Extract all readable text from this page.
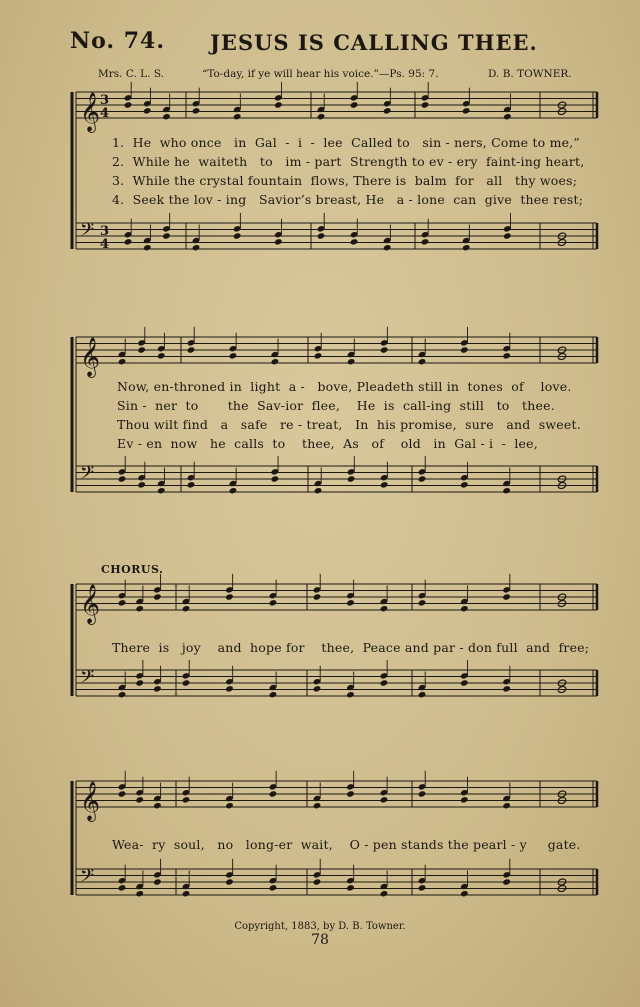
No. 74. JESUS IS CALLING THEE.
Mrs. C. L. S.	“To-day, if ye will hear his voice.”—Ps. 95: 7.	D. B. TOWNER.
𝄞 3
4
𝄢 3
4
𝄞
𝄢
𝄞
𝄢
𝄞
𝄢
1.  He  who once   in  Gal  -  i  -  lee  Called to   sin - ners, Come to me,”
2.  While he  waiteth   to   im - part  Strength to ev - ery  faint-ing heart,
3.  While the crystal fountain  flows, There is  balm  for   all   thy woes;
4.  Seek the lov - ing   Savior’s breast, He   a - lone  can  give  thee rest;
Now, en-throned in  light  a -   bove, Pleadeth still in  tones  of    love.
Sin -  ner  to       the  Sav-ior  flee,    He  is  call-ing  still   to   thee.
Thou wilt find   a   safe   re - treat,   In  his promise,  sure   and  sweet.
Ev - en  now   he  calls  to    thee,  As   of    old   in  Gal - i  -  lee,
CHORUS.
There  is   joy    and  hope for    thee,  Peace and par - don full  and  free;
Wea-  ry  soul,   no   long-er  wait,    O - pen stands the pearl - y     gate.
Copyright, 1883, by D. B. Towner.
78
